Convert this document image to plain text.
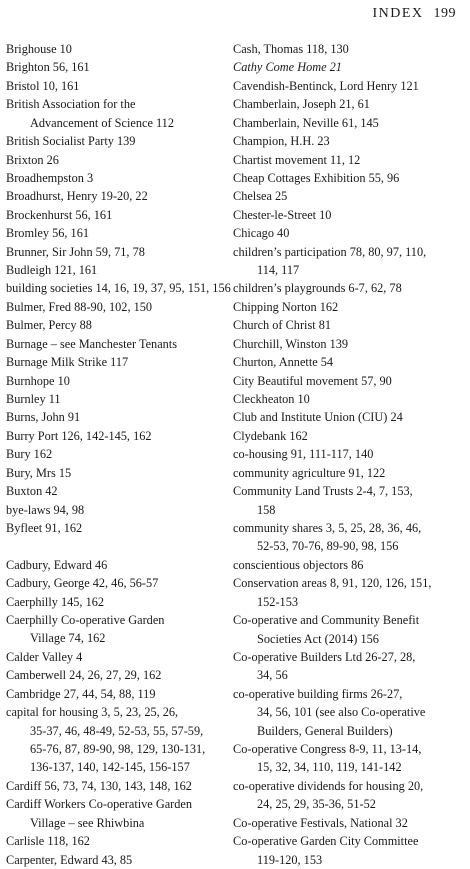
INDEX 199
Brighouse 10
Brighton 56, 161
Bristol 10, 161
British Association for the
Advancement of Science 112
British Socialist Party 139
Brixton 26
Broadhempston 3
Broadhurst, Henry 19-20, 22
Brockenhurst 56, 161
Bromley 56, 161
Brunner, Sir John 59, 71, 78
Budleigh 121, 161
building societies 14, 16, 19, 37, 95, 151, 156
Bulmer, Fred 88-90, 102, 150
Bulmer, Percy 88
Burnage – see Manchester Tenants
Burnage Milk Strike 117
Burnhope 10
Burnley 11
Burns, John 91
Burry Port 126, 142-145, 162
Bury 162
Bury, Mrs 15
Buxton 42
bye-laws 94, 98
Byfleet 91, 162
Cadbury, Edward 46
Cadbury, George 42, 46, 56-57
Caerphilly 145, 162
Caerphilly Co-operative Garden
Village 74, 162
Calder Valley 4
Camberwell 24, 26, 27, 29, 162
Cambridge 27, 44, 54, 88, 119
capital for housing 3, 5, 23, 25, 26,
35-37, 46, 48-49, 52-53, 55, 57-59,
65-76, 87, 89-90, 98, 129, 130-131,
136-137, 140, 142-145, 156-157
Cardiff 56, 73, 74, 130, 143, 148, 162
Cardiff Workers Co-operative Garden
Village – see Rhiwbina
Carlisle 118, 162
Carpenter, Edward 43, 85
Cash, Thomas 118, 130
Cathy Come Home 21
Cavendish-Bentinck, Lord Henry 121
Chamberlain, Joseph 21, 61
Chamberlain, Neville 61, 145
Champion, H.H. 23
Chartist movement 11, 12
Cheap Cottages Exhibition 55, 96
Chelsea 25
Chester-le-Street 10
Chicago 40
children’s participation 78, 80, 97, 110,
114, 117
children’s playgrounds 6-7, 62, 78
Chipping Norton 162
Church of Christ 81
Churchill, Winston 139
Churton, Annette 54
City Beautiful movement 57, 90
Cleckheaton 10
Club and Institute Union (CIU) 24
Clydebank 162
co-housing 91, 111-117, 140
community agriculture 91, 122
Community Land Trusts 2-4, 7, 153,
158
community shares 3, 5, 25, 28, 36, 46,
52-53, 70-76, 89-90, 98, 156
conscientious objectors 86
Conservation areas 8, 91, 120, 126, 151,
152-153
Co-operative and Community Benefit
Societies Act (2014) 156
Co-operative Builders Ltd 26-27, 28,
34, 56
co-operative building firms 26-27,
34, 56, 101 (see also Co-operative
Builders, General Builders)
Co-operative Congress 8-9, 11, 13-14,
15, 32, 34, 110, 119, 141-142
co-operative dividends for housing 20,
24, 25, 29, 35-36, 51-52
Co-operative Festivals, National 32
Co-operative Garden City Committee
119-120, 153
